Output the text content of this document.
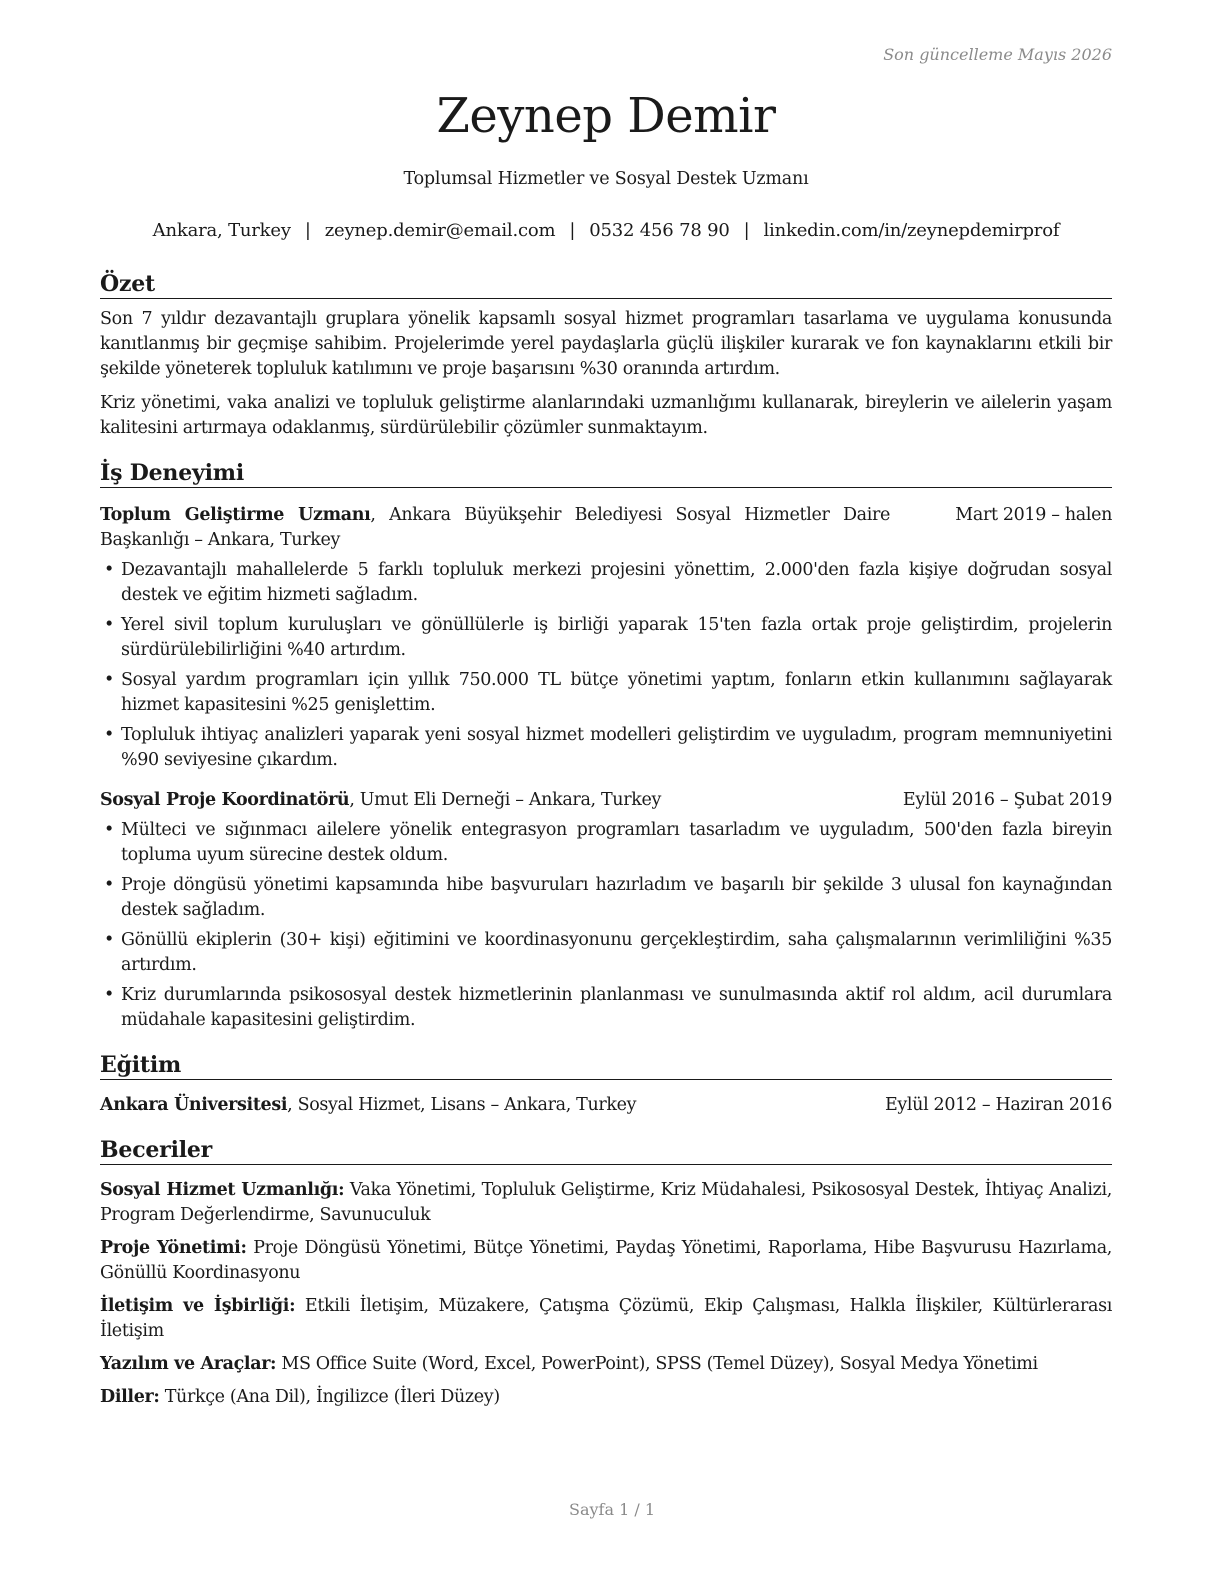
Son güncelleme Mayıs 2026
Zeynep Demir
Toplumsal Hizmetler ve Sosyal Destek Uzmanı
Ankara, Turkey | zeynep.demir@email.com | 0532 456 78 90 | linkedin.com/in/zeynepdemirprof
Özet

Son 7 yıldır dezavantajlı gruplara yönelik kapsamlı sosyal hizmet programları tasarlama ve uygulama konusunda kanıtlanmış bir geçmişe sahibim. Projelerimde yerel paydaşlarla güçlü ilişkiler kurarak ve fon kaynaklarını etkili bir şekilde yöneterek topluluk katılımını ve proje başarısını %30 oranında artırdım.

Kriz yönetimi, vaka analizi ve topluluk geliştirme alanlarındaki uzmanlığımı kullanarak, bireylerin ve ailelerin yaşam kalitesini artırmaya odaklanmış, sürdürülebilir çözümler sunmaktayım.

İş Deneyimi
Toplum Geliştirme Uzmanı, Ankara Büyükşehir Belediyesi Sosyal Hizmetler Daire Başkanlığı – Ankara, Turkey
Mart 2019 – halen
• Dezavantajlı mahallelerde 5 farklı topluluk merkezi projesini yönettim, 2.000'den fazla kişiye doğrudan sosyal destek ve eğitim hizmeti sağladım.
• Yerel sivil toplum kuruluşları ve gönüllülerle iş birliği yaparak 15'ten fazla ortak proje geliştirdim, projelerin sürdürülebilirliğini %40 artırdım.
• Sosyal yardım programları için yıllık 750.000 TL bütçe yönetimi yaptım, fonların etkin kullanımını sağlayarak hizmet kapasitesini %25 genişlettim.
• Topluluk ihtiyaç analizleri yaparak yeni sosyal hizmet modelleri geliştirdim ve uyguladım, program memnuniyetini %90 seviyesine çıkardım.
Sosyal Proje Koordinatörü, Umut Eli Derneği – Ankara, Turkey	Eylül 2016 – Şubat 2019
• Mülteci ve sığınmacı ailelere yönelik entegrasyon programları tasarladım ve uyguladım, 500'den fazla bireyin topluma uyum sürecine destek oldum.
• Proje döngüsü yönetimi kapsamında hibe başvuruları hazırladım ve başarılı bir şekilde 3 ulusal fon kaynağından destek sağladım.
• Gönüllü ekiplerin (30+ kişi) eğitimini ve koordinasyonunu gerçekleştirdim, saha çalışmalarının verimliliğini %35 artırdım.
• Kriz durumlarında psikososyal destek hizmetlerinin planlanması ve sunulmasında aktif rol aldım, acil durumlara müdahale kapasitesini geliştirdim.
Eğitim
Ankara Üniversitesi, Sosyal Hizmet, Lisans – Ankara, Turkey	Eylül 2012 – Haziran 2016
Beceriler
Sosyal Hizmet Uzmanlığı: Vaka Yönetimi, Topluluk Geliştirme, Kriz Müdahalesi, Psikososyal Destek, İhtiyaç Analizi, Program Değerlendirme, Savunuculuk
Proje Yönetimi: Proje Döngüsü Yönetimi, Bütçe Yönetimi, Paydaş Yönetimi, Raporlama, Hibe Başvurusu Hazırlama, Gönüllü Koordinasyonu
İletişim ve İşbirliği: Etkili İletişim, Müzakere, Çatışma Çözümü, Ekip Çalışması, Halkla İlişkiler, Kültürlerarası İletişim
Yazılım ve Araçlar: MS Office Suite (Word, Excel, PowerPoint), SPSS (Temel Düzey), Sosyal Medya Yönetimi
Diller: Türkçe (Ana Dil), İngilizce (İleri Düzey)
Sayfa 1 / 1
